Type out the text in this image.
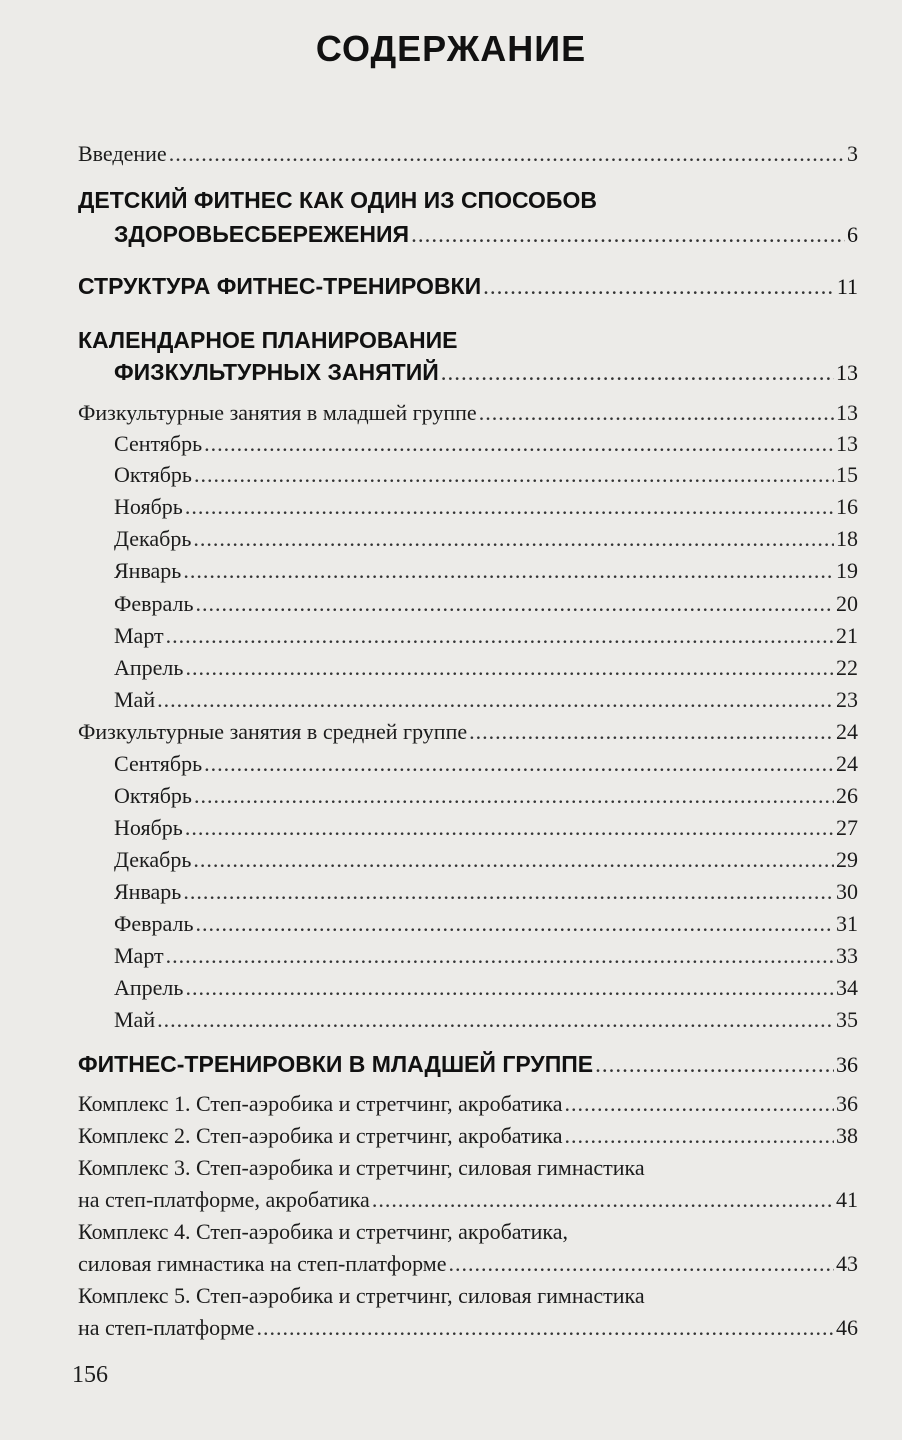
СОДЕРЖАНИЕ
Введение .....	3
ДЕТСКИЙ ФИТНЕС КАК ОДИН ИЗ СПОСОБОВ
ЗДОРОВЬЕСБЕРЕЖЕНИЯ .....	6
СТРУКТУРА ФИТНЕС-ТРЕНИРОВКИ .....	11
КАЛЕНДАРНОЕ ПЛАНИРОВАНИЕ
ФИЗКУЛЬТУРНЫХ ЗАНЯТИЙ .....	13
Физкультурные занятия в младшей группе .....	13
Сентябрь .....	13
Октябрь .....	15
Ноябрь .....	16
Декабрь .....	18
Январь .....	19
Февраль .....	20
Март .....	21
Апрель .....	22
Май .....	23
Физкультурные занятия в средней группе .....	24
Сентябрь .....	24
Октябрь .....	26
Ноябрь .....	27
Декабрь .....	29
Январь .....	30
Февраль .....	31
Март .....	33
Апрель .....	34
Май .....	35
ФИТНЕС-ТРЕНИРОВКИ В МЛАДШЕЙ ГРУППЕ .....	36
Комплекс 1. Степ-аэробика и стретчинг, акробатика .....	36
Комплекс 2. Степ-аэробика и стретчинг, акробатика .....	38
Комплекс 3. Степ-аэробика и стретчинг, силовая гимнастика
на степ-платформе, акробатика .....	41
Комплекс 4. Степ-аэробика и стретчинг, акробатика,
силовая гимнастика на степ-платформе .....	43
Комплекс 5. Степ-аэробика и стретчинг, силовая гимнастика
на степ-платформе .....	46
156
